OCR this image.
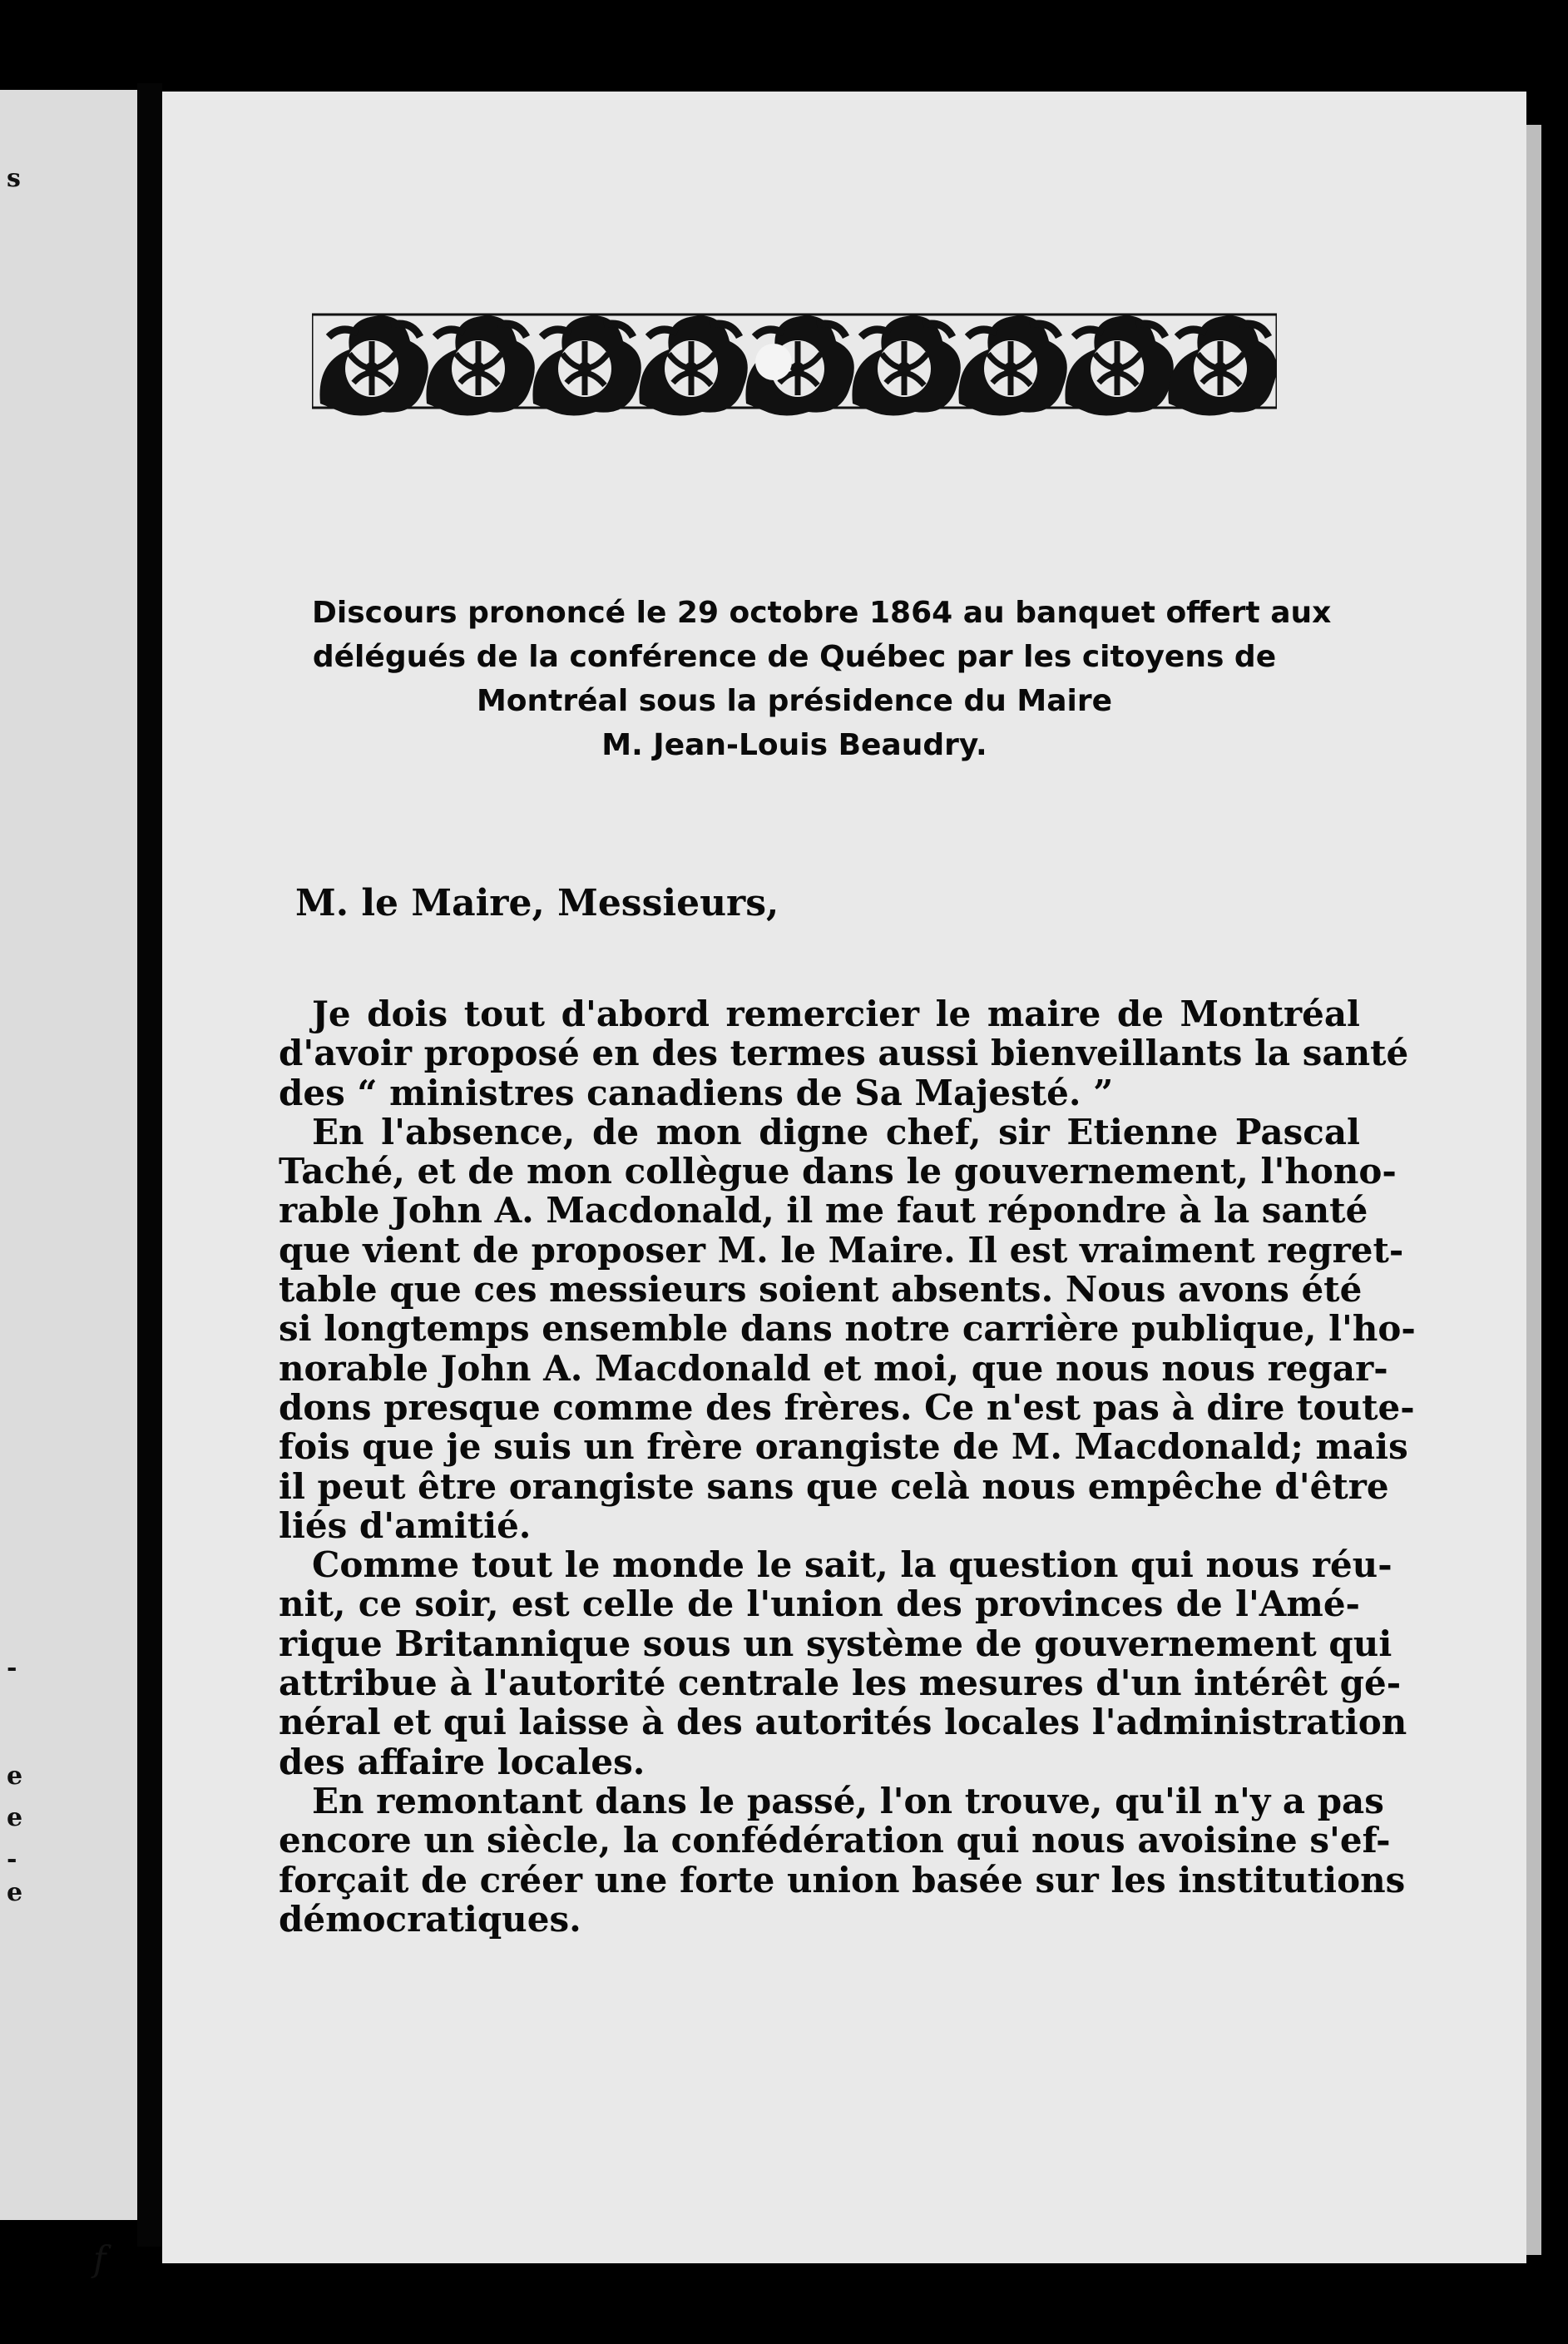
s
-
e
e
-
e
Discours prononcé le 29 octobre 1864 au banquet offert aux
délégués de la conférence de Québec par les citoyens de
Montréal sous la présidence du Maire
M. Jean-Louis Beaudry.
M. le Maire, Messieurs,
Je dois tout d'abord remercier le maire de Montréal
d'avoir proposé en des termes aussi bienveillants la santé
des “ ministres canadiens de Sa Majesté. ”
En l'absence, de mon digne chef, sir Etienne Pascal
Taché, et de mon collègue dans le gouvernement, l'hono-
rable John A. Macdonald, il me faut répondre à la santé
que vient de proposer M. le Maire. Il est vraiment regret-
table que ces messieurs soient absents. Nous avons été
si longtemps ensemble dans notre carrière publique, l'ho-
norable John A. Macdonald et moi, que nous nous regar-
dons presque comme des frères. Ce n'est pas à dire toute-
fois que je suis un frère orangiste de M. Macdonald; mais
il peut être orangiste sans que celà nous empêche d'être
liés d'amitié.
Comme tout le monde le sait, la question qui nous réu-
nit, ce soir, est celle de l'union des provinces de l'Amé-
rique Britannique sous un système de gouvernement qui
attribue à l'autorité centrale les mesures d'un intérêt gé-
néral et qui laisse à des autorités locales l'administration
des affaire locales.
En remontant dans le passé, l'on trouve, qu'il n'y a pas
encore un siècle, la confédération qui nous avoisine s'ef-
forçait de créer une forte union basée sur les institutions
démocratiques.
f
